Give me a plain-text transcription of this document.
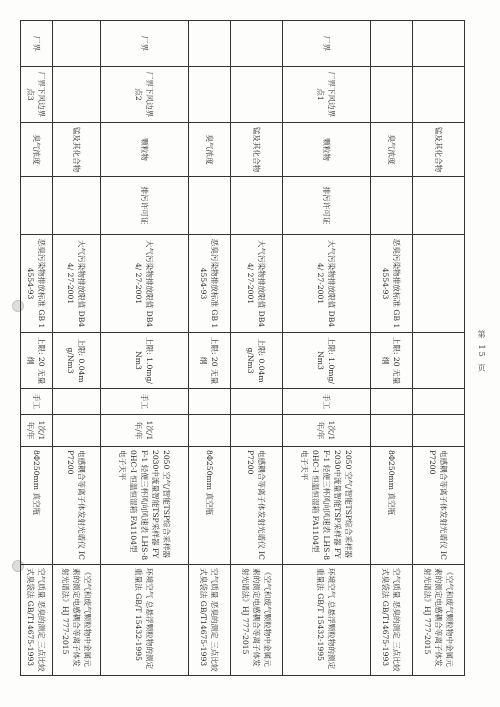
第 15 页
		锰及其化合物						电感耦合等离子体发射光谱仪 ICP7200	《空气和废气颗粒物中金属元素的测定电感耦合等离子体发射光谱法》HJ 777-2015
		臭气浓度		恶臭污染物排放标准 GB 14554-93	上限: 20 无量纲			8Φ250mm 真空瓶	空气质量 恶臭的测定 三点比较式臭袋法 GB/T14675-1993
厂界	厂界下风边界点1	颗粒物	排污许可证	大气污染物排放限值 DB44/ 27-2001	上限: 1.0mg/Nm3	手工	1次/1年/年	2050 空气/智能TSP综合采样器 2030中流量智能TSP采样器 FYF-1 轻便三杯风向风速表 LHS-80HC-I 恒温恒湿箱 FA1104型 电子天平	环境空气 总悬浮颗粒物的测定 重量法 GB/T 15432-1995
		锰及其化合物		大气污染物排放限值 DB44/ 27-2001	上限: 0.04mg/Nm3			电感耦合等离子体发射光谱仪 ICP7200	《空气和废气颗粒物中金属元素的测定电感耦合等离子体发射光谱法》HJ 777-2015
		臭气浓度		恶臭污染物排放标准 GB 14554-93	上限: 20 无量纲			8Φ250mm 真空瓶	空气质量 恶臭的测定 三点比较式臭袋法 GB/T14675-1993
厂界	厂界下风边界点2	颗粒物	排污许可证	大气污染物排放限值 DB44/ 27-2001	上限: 1.0mg/Nm3	手工	1次/1年/年	2050 空气/智能TSP综合采样器 2030中流量智能TSP采样器 FYF-1 轻便三杯风向风速表 LHS-80HC-I 恒温恒湿箱 FA1104型 电子天平	环境空气 总悬浮颗粒物的测定 重量法 GB/T 15432-1995
		锰及其化合物		大气污染物排放限值 DB44/ 27-2001	上限: 0.04mg/Nm3			电感耦合等离子体发射光谱仪 ICP7200	《空气和废气颗粒物中金属元素的测定电感耦合等离子体发射光谱法》HJ 777-2015
厂界	厂界下风边界点3	臭气浓度		恶臭污染物排放标准 GB 14554-93	上限: 20 无量纲	手工	1次/1年/年	8Φ250mm 真空瓶	空气质量 恶臭的测定 三点比较式臭袋法 GB/T14675-1993
